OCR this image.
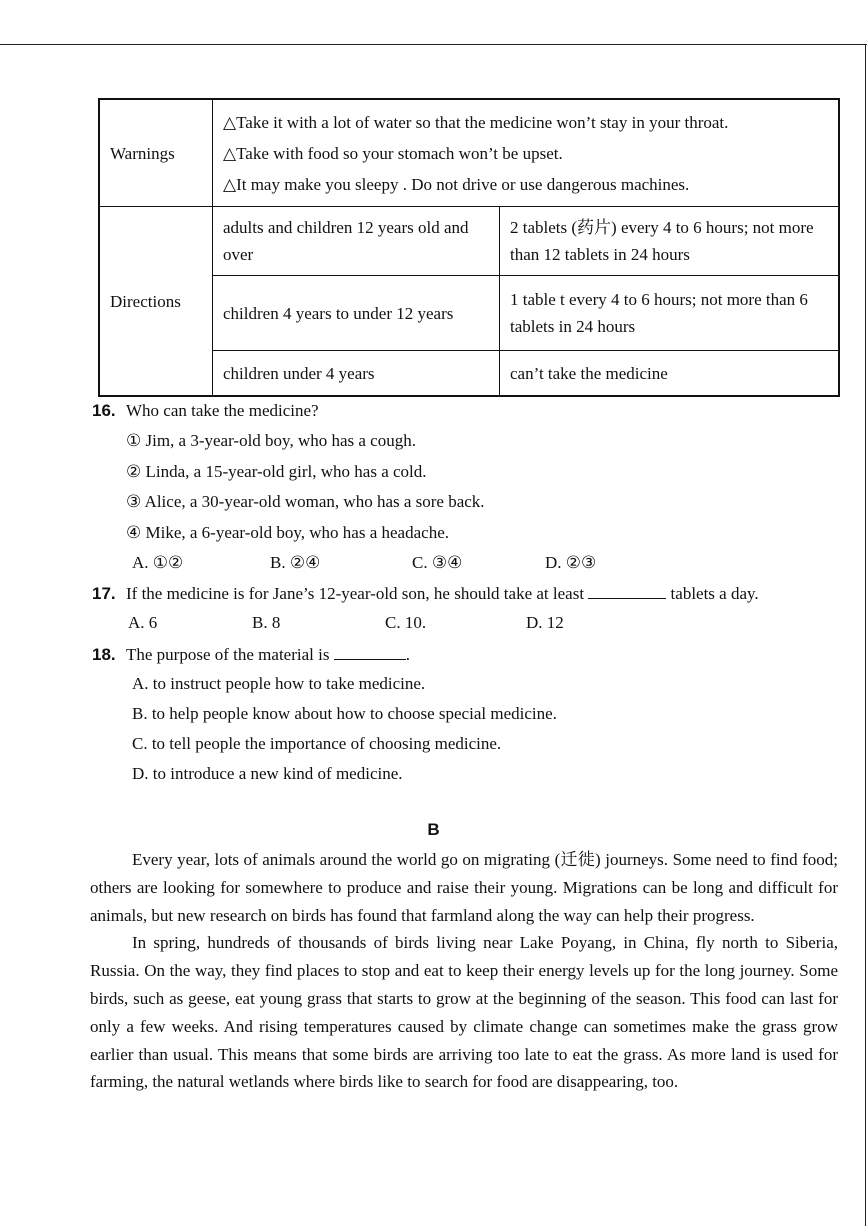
Warnings	△Take it with a lot of water so that the medicine won’t stay in your throat.
△Take with food so your stomach won’t be upset.
△It may make you sleepy . Do not drive or use dangerous machines.	

Directions	adults and children 12 years old and over	2 tablets (药片) every 4 to 6 hours; not more than 12 tablets in 24 hours
	children 4 years to under 12 years	1 table t every 4 to 6 hours; not more than 6 tablets in 24 hours
	children under 4 years	can’t take the medicine
16. Who can take the medicine?
① Jim, a 3-year-old boy, who has a cough.
② Linda, a 15-year-old girl, who has a cold.
③ Alice, a 30-year-old woman, who has a sore back.
④ Mike, a 6-year-old boy, who has a headache.
A. ①②	B. ②④	C. ③④	D. ②③
17. If the medicine is for Jane’s 12-year-old son, he should take at least	tablets a day.
A. 6	B. 8	C. 10.	D. 12
18. The purpose of the material is	.
A. to instruct people how to take medicine.
B. to help people know about how to choose special medicine.
C. to tell people the importance of choosing medicine.
D. to introduce a new kind of medicine.
B

Every year, lots of animals around the world go on migrating (迁徙) journeys. Some need to find food; others are looking for somewhere to produce and raise their young. Migrations can be long and difficult for animals, but new research on birds has found that farmland along the way can help their progress.

In spring, hundreds of thousands of birds living near Lake Poyang, in China, fly north to Siberia, Russia. On the way, they find places to stop and eat to keep their energy levels up for the long journey. Some birds, such as geese, eat young grass that starts to grow at the beginning of the season. This food can last for only a few weeks. And rising temperatures caused by climate change can sometimes make the grass grow earlier than usual. This means that some birds are arriving too late to eat the grass. As more land is used for farming, the natural wetlands where birds like to search for food are disappearing, too.
